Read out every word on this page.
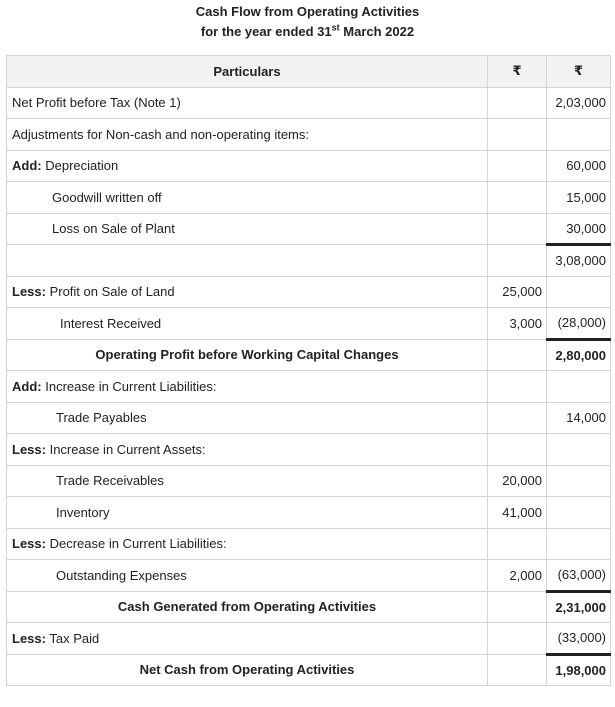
Cash Flow from Operating Activities
for the year ended 31st March 2022
Particulars	₹	₹
Net Profit before Tax (Note 1)		2,03,000
Adjustments for Non-cash and non-operating items:		
Add: Depreciation		60,000
Goodwill written off		15,000
Loss on Sale of Plant		30,000
		3,08,000
Less: Profit on Sale of Land	25,000	
Interest Received	3,000	(28,000)
Operating Profit before Working Capital Changes		2,80,000
Add: Increase in Current Liabilities:		
Trade Payables		14,000
Less: Increase in Current Assets:		
Trade Receivables	20,000	
Inventory	41,000	
Less: Decrease in Current Liabilities:		
Outstanding Expenses	2,000	(63,000)
Cash Generated from Operating Activities		2,31,000
Less: Tax Paid		(33,000)
Net Cash from Operating Activities		1,98,000
